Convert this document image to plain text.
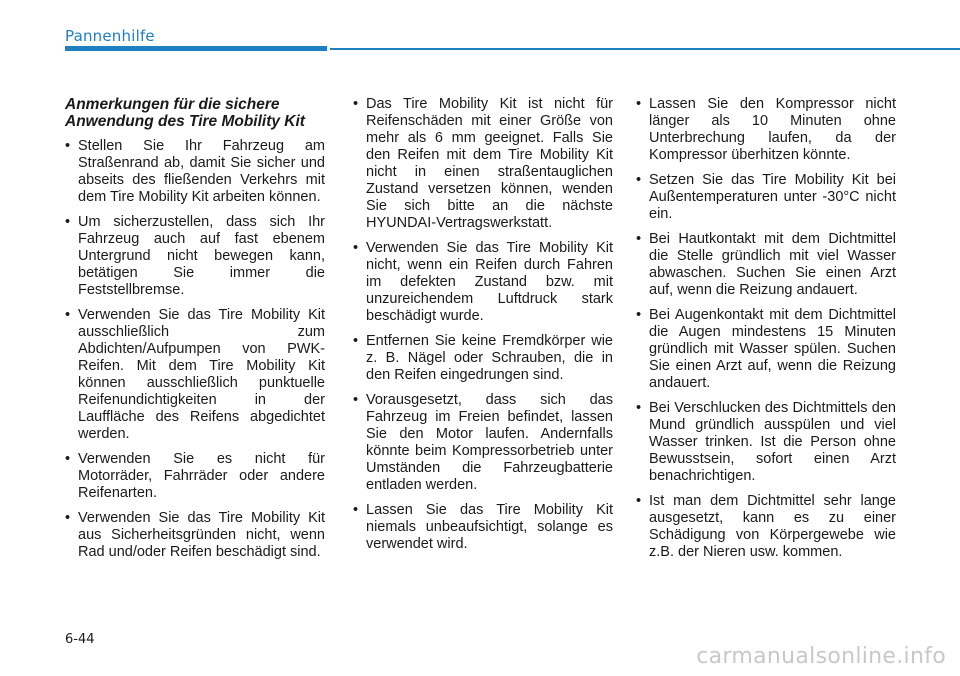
Pannenhilfe
Anmerkungen für die sichere Anwendung des Tire Mobility Kit
• Stellen Sie Ihr Fahrzeug am Straßenrand ab, damit Sie sicher und abseits des fließenden Verkehrs mit dem Tire Mobility Kit arbeiten können.
• Um sicherzustellen, dass sich Ihr Fahrzeug auch auf fast ebenem Untergrund nicht bewegen kann, betätigen Sie immer die Feststellbremse.
• Verwenden Sie das Tire Mobility Kit ausschließlich zum Abdichten/Aufpumpen von PWK-Reifen. Mit dem Tire Mobility Kit können ausschließlich punktuelle Reifenundichtigkeiten in der Lauffläche des Reifens abgedichtet werden.
• Verwenden Sie es nicht für Motorräder, Fahrräder oder andere Reifenarten.
• Verwenden Sie das Tire Mobility Kit aus Sicherheitsgründen nicht, wenn Rad und/oder Reifen beschädigt sind.
• Das Tire Mobility Kit ist nicht für Reifenschäden mit einer Größe von mehr als 6 mm geeignet. Falls Sie den Reifen mit dem Tire Mobility Kit nicht in einen straßentauglichen Zustand versetzen können, wenden Sie sich bitte an die nächste HYUNDAI-Vertragswerkstatt.
• Verwenden Sie das Tire Mobility Kit nicht, wenn ein Reifen durch Fahren im defekten Zustand bzw. mit unzureichendem Luftdruck stark beschädigt wurde.
• Entfernen Sie keine Fremdkörper wie z. B. Nägel oder Schrauben, die in den Reifen eingedrungen sind.
• Vorausgesetzt, dass sich das Fahrzeug im Freien befindet, lassen Sie den Motor laufen. Andernfalls könnte beim Kompressorbetrieb unter Umständen die Fahrzeugbatterie entladen werden.
• Lassen Sie das Tire Mobility Kit niemals unbeaufsichtigt, solange es verwendet wird.
• Lassen Sie den Kompressor nicht länger als 10 Minuten ohne Unterbrechung laufen, da der Kompressor überhitzen könnte.
• Setzen Sie das Tire Mobility Kit bei Außentemperaturen unter -30°C nicht ein.
• Bei Hautkontakt mit dem Dichtmittel die Stelle gründlich mit viel Wasser abwaschen. Suchen Sie einen Arzt auf, wenn die Reizung andauert.
• Bei Augenkontakt mit dem Dichtmittel die Augen mindestens 15 Minuten gründlich mit Wasser spülen. Suchen Sie einen Arzt auf, wenn die Reizung andauert.
• Bei Verschlucken des Dichtmittels den Mund gründlich ausspülen und viel Wasser trinken. Ist die Person ohne Bewusstsein, sofort einen Arzt benachrichtigen.
• Ist man dem Dichtmittel sehr lange ausgesetzt, kann es zu einer Schädigung von Körpergewebe wie z.B. der Nieren usw. kommen.
6-44
carmanualsonline.info
